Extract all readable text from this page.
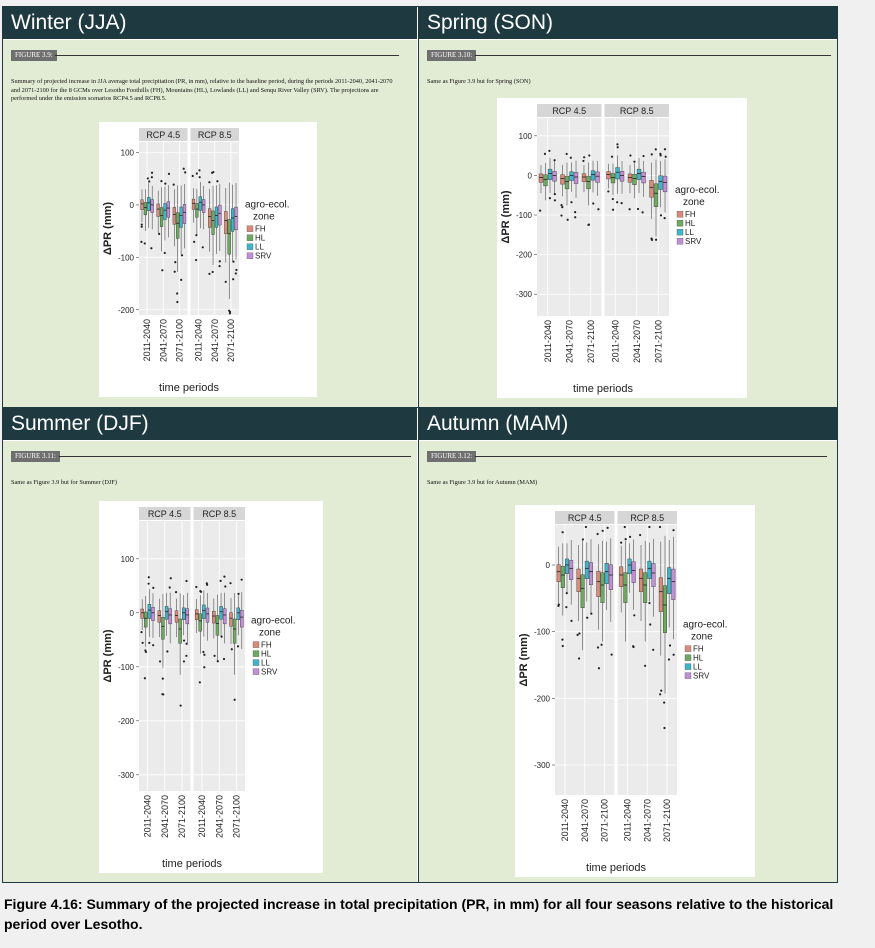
Winter (JJA)
FIGURE 3.9:
Summary of projected increase in JJA average total precipitation (PR, in mm), relative to the baseline period, during the periods 2011-2040, 2041-2070 and 2071-2100 for the 8 GCMs over Lesotho Foothills (FH), Mountains (HL), Lowlands (LL) and Senqu River Valley (SRV). The projections are performed under the emission scenarios RCP4.5 and RCP8.5.
ΔPR (mm)
100
0
-100
-200
RCP 4.5
2011-2040 2041-2070 2071-2100
RCP 8.5
2011-2040 2041-2070 2071-2100
time periods
agro-ecol.
zone
FH
HL
LL
SRV
Spring (SON)
FIGURE 3.10:
Same as Figure 3.9 but for Spring (SON)
ΔPR (mm)
100
0
-100
-200
-300
RCP 4.5
2011-2040 2041-2070 2071-2100
RCP 8.5
2011-2040 2041-2070 2071-2100
time periods
agro-ecol.
zone
FH
HL
LL
SRV
Summer (DJF)
FIGURE 3.11:
Same as Figure 3.9 but for Summer (DJF)
ΔPR (mm)
100
0
-100
-200
-300
RCP 4.5
2011-2040 2041-2070 2071-2100
RCP 8.5
2011-2040 2041-2070 2071-2100
time periods
agro-ecol.
zone
FH
HL
LL
SRV
Autumn (MAM)
FIGURE 3.12:
Same as Figure 3.9 but for Autumn (MAM)
ΔPR (mm)
0
-100
-200
-300
RCP 4.5
2011-2040 2041-2070 2071-2100
RCP 8.5
2011-2040 2041-2070 2071-2100
time periods
agro-ecol.
zone
FH
HL
LL
SRV
Figure 4.16: Summary of the projected increase in total precipitation (PR, in mm) for all four seasons relative to the historical period over Lesotho.
